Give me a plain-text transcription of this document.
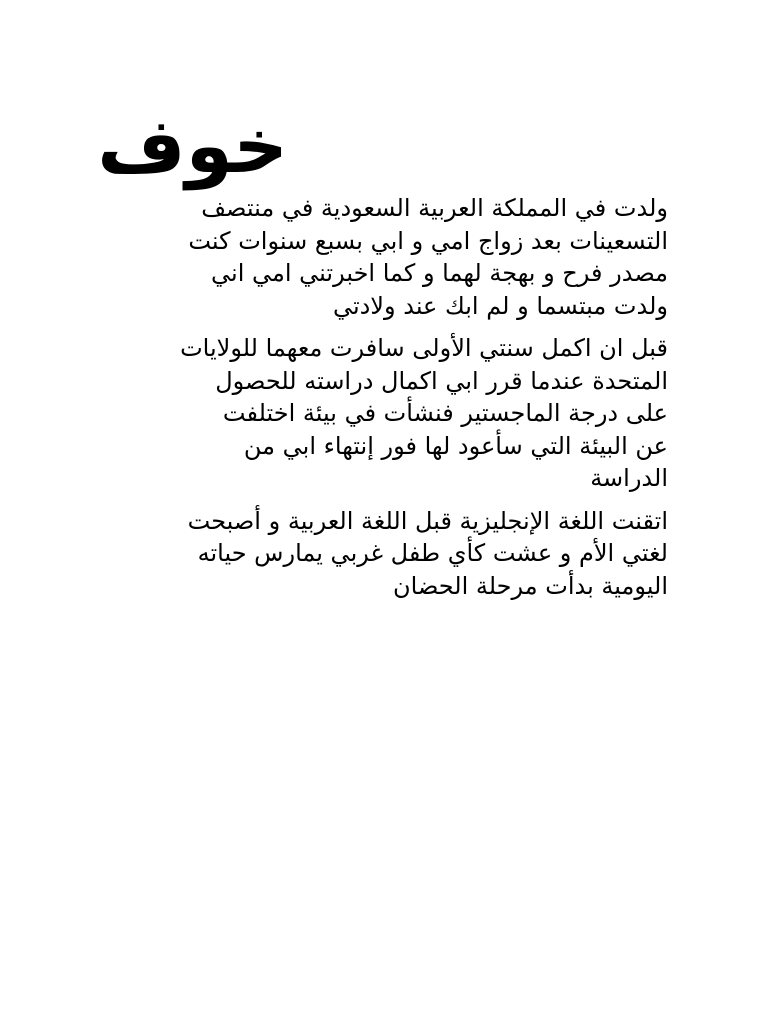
خوف

ولدت في المملكة العربية السعودية في منتصف
التسعينات بعد زواج امي و ابي بسبع سنوات كنت
مصدر فرح و بهجة لهما و كما اخبرتني امي اني
ولدت مبتسما و لم ابك عند ولادتي

قبل ان اكمل سنتي الأولى سافرت معهما للولايات
المتحدة عندما قرر ابي اكمال دراسته للحصول
على درجة الماجستير فنشأت في بيئة اختلفت
عن البيئة التي سأعود لها فور إنتهاء ابي من
الدراسة

اتقنت اللغة الإنجليزية قبل اللغة العربية و أصبحت
لغتي الأم و عشت كأي طفل غربي يمارس حياته
اليومية بدأت مرحلة الحضان
